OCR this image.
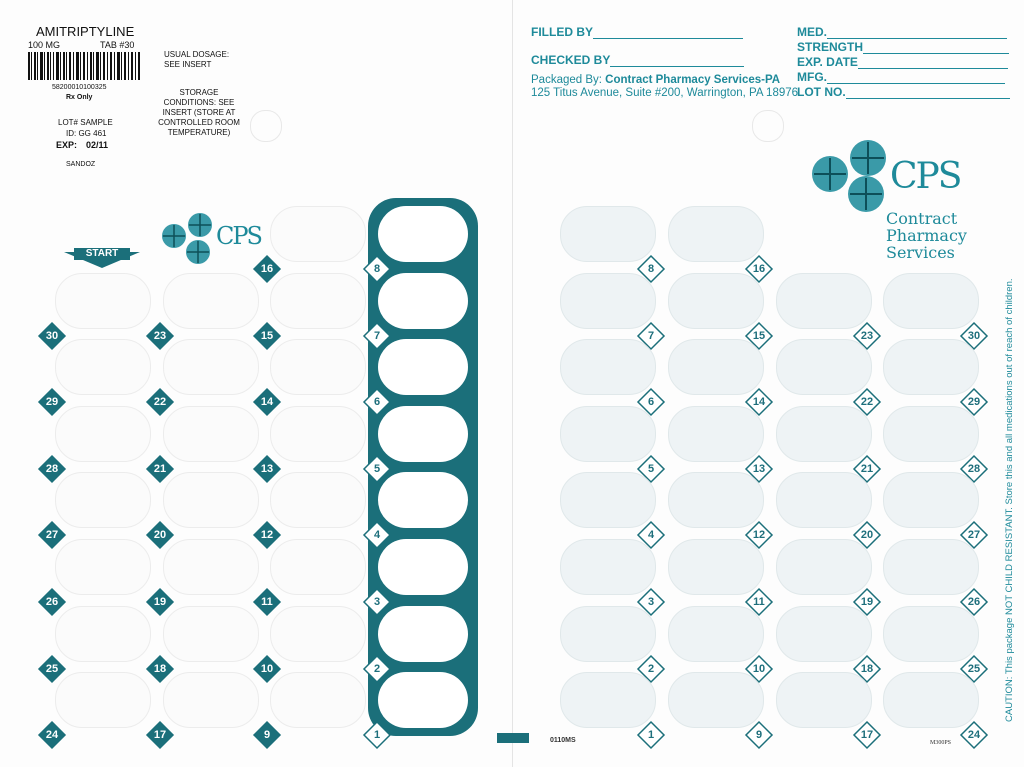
AMITRIPTYLINE
100 MG	TAB #30
58200010100325
Rx Only
USUAL DOSAGE: SEE INSERT
STORAGE CONDITIONS: SEE INSERT (STORE AT CONTROLLED ROOM TEMPERATURE)
LOT# SAMPLE
ID: GG 461
EXP: 02/11
SANDOZ
FILLED BY
CHECKED BY
Packaged By: Contract Pharmacy Services-PA
125 Titus Avenue, Suite #200, Warrington, PA 18976
MED.
STRENGTH
EXP. DATE
MFG.
LOT NO.
CPS
Contract
Pharmacy
Services
CPS
START
30
29
28
27
26
25
24
23
22
21
20
19
18
17
16
15
14
13
12
11
10
9
8
7
6
5
4
3
2
1
8
7
6
5
4
3
2
1
16
15
14
13
12
11
10
9
23
22
21
20
19
18
17
30
29
28
27
26
25
24
0110MS	M300PS
CAUTION: This package NOT CHILD RESISTANT. Store this and all medications out of reach of children.
